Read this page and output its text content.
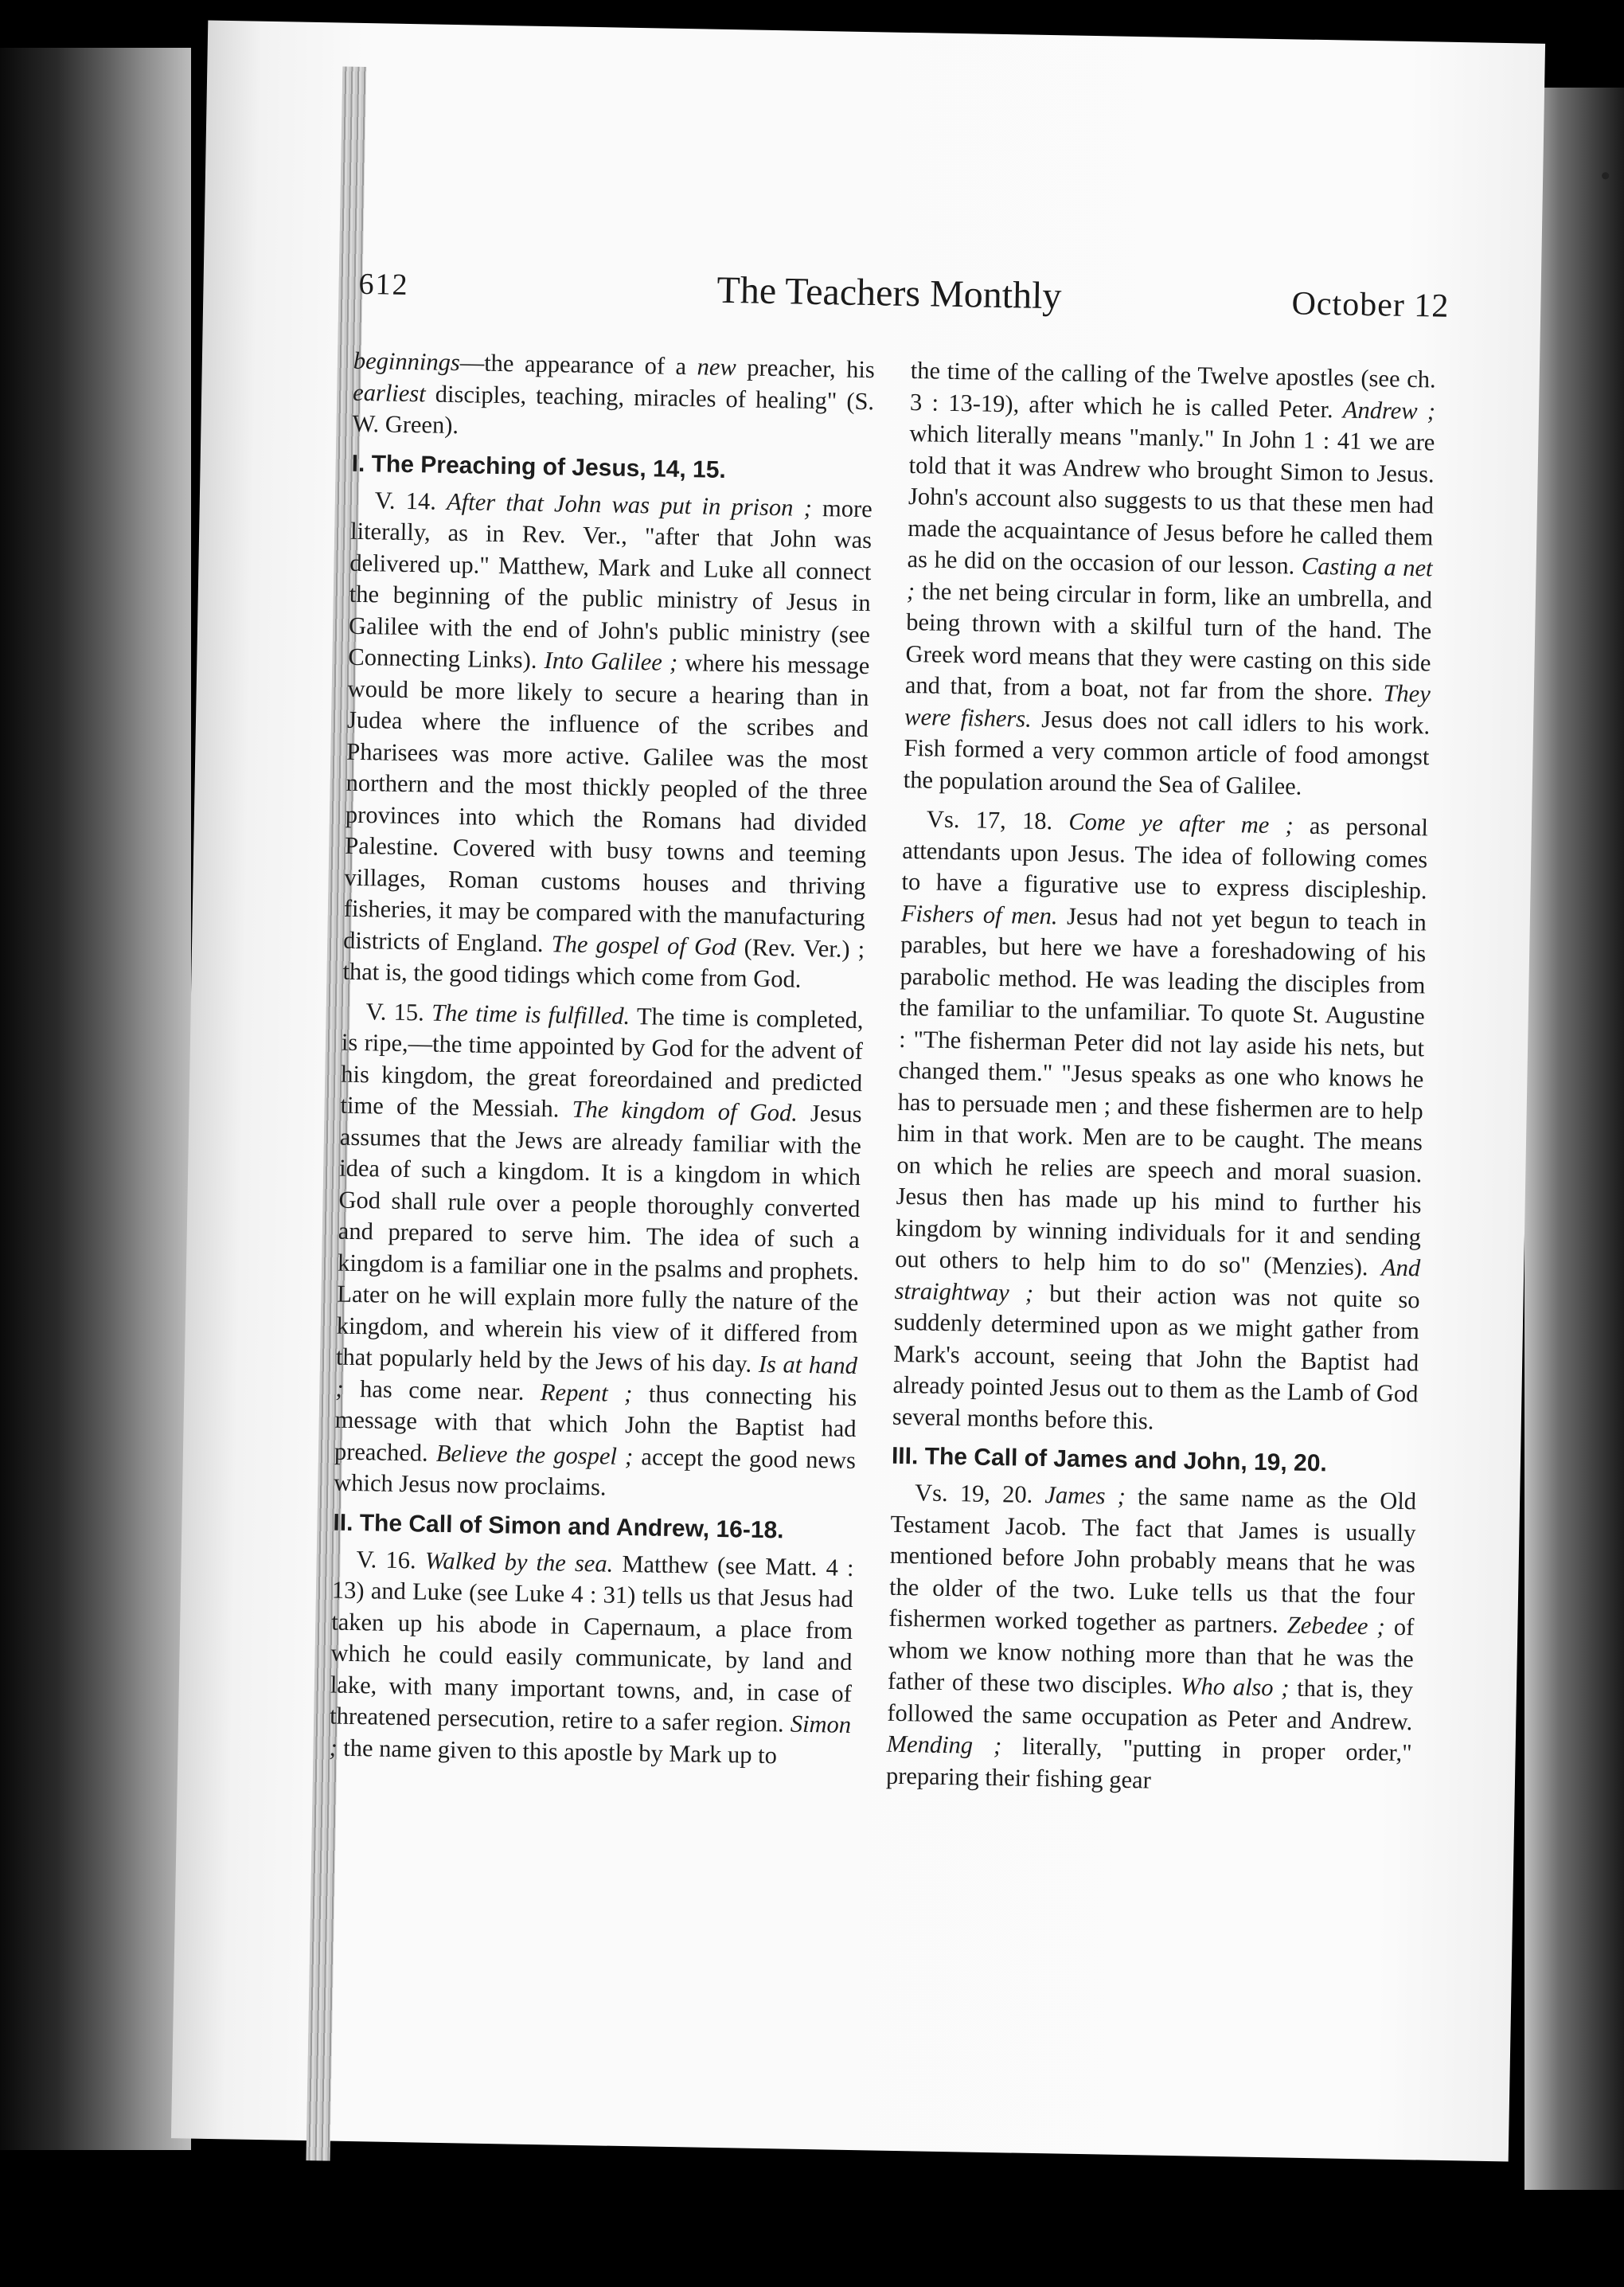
612	The Teachers Monthly	October 12

beginnings—the appearance of a new preacher, his earliest disciples, teaching, miracles of healing" (S. W. Green).

I. The Preaching of Jesus, 14, 15.

V. 14. After that John was put in prison ; more literally, as in Rev. Ver., "after that John was delivered up." Matthew, Mark and Luke all connect the beginning of the public ministry of Jesus in Galilee with the end of John's public ministry (see Connecting Links). Into Galilee ; where his message would be more likely to secure a hearing than in Judea where the influence of the scribes and Pharisees was more active. Galilee was the most northern and the most thickly peopled of the three provinces into which the Romans had divided Palestine. Covered with busy towns and teeming villages, Roman customs houses and thriving fisheries, it may be compared with the manufacturing districts of England. The gospel of God (Rev. Ver.) ; that is, the good tidings which come from God.

V. 15. The time is fulfilled. The time is completed, is ripe,—the time appointed by God for the advent of his kingdom, the great foreordained and predicted time of the Messiah. The kingdom of God. Jesus assumes that the Jews are already familiar with the idea of such a kingdom. It is a kingdom in which God shall rule over a people thoroughly converted and prepared to serve him. The idea of such a kingdom is a familiar one in the psalms and prophets. Later on he will explain more fully the nature of the kingdom, and wherein his view of it differed from that popularly held by the Jews of his day. Is at hand ; has come near. Repent ; thus connecting his message with that which John the Baptist had preached. Believe the gospel ; accept the good news which Jesus now proclaims.

II. The Call of Simon and Andrew, 16-18.

V. 16. Walked by the sea. Matthew (see Matt. 4 : 13) and Luke (see Luke 4 : 31) tells us that Jesus had taken up his abode in Capernaum, a place from which he could easily communicate, by land and lake, with many important towns, and, in case of threatened persecution, retire to a safer region. Simon ; the name given to this apostle by Mark up to

the time of the calling of the Twelve apostles (see ch. 3 : 13-19), after which he is called Peter. Andrew ; which literally means "manly." In John 1 : 41 we are told that it was Andrew who brought Simon to Jesus. John's account also suggests to us that these men had made the acquaintance of Jesus before he called them as he did on the occasion of our lesson. Casting a net ; the net being circular in form, like an umbrella, and being thrown with a skilful turn of the hand. The Greek word means that they were casting on this side and that, from a boat, not far from the shore. They were fishers. Jesus does not call idlers to his work. Fish formed a very common article of food amongst the population around the Sea of Galilee.

Vs. 17, 18. Come ye after me ; as personal attendants upon Jesus. The idea of following comes to have a figurative use to express discipleship. Fishers of men. Jesus had not yet begun to teach in parables, but here we have a foreshadowing of his parabolic method. He was leading the disciples from the familiar to the unfamiliar. To quote St. Augustine : "The fisherman Peter did not lay aside his nets, but changed them." "Jesus speaks as one who knows he has to persuade men ; and these fishermen are to help him in that work. Men are to be caught. The means on which he relies are speech and moral suasion. Jesus then has made up his mind to further his kingdom by winning individuals for it and sending out others to help him to do so" (Menzies). And straightway ; but their action was not quite so suddenly determined upon as we might gather from Mark's account, seeing that John the Baptist had already pointed Jesus out to them as the Lamb of God several months before this.

III. The Call of James and John, 19, 20.

Vs. 19, 20. James ; the same name as the Old Testament Jacob. The fact that James is usually mentioned before John probably means that he was the older of the two. Luke tells us that the four fishermen worked together as partners. Zebedee ; of whom we know nothing more than that he was the father of these two disciples. Who also ; that is, they followed the same occupation as Peter and Andrew. Mending ; literally, "putting in proper order," preparing their fishing gear
